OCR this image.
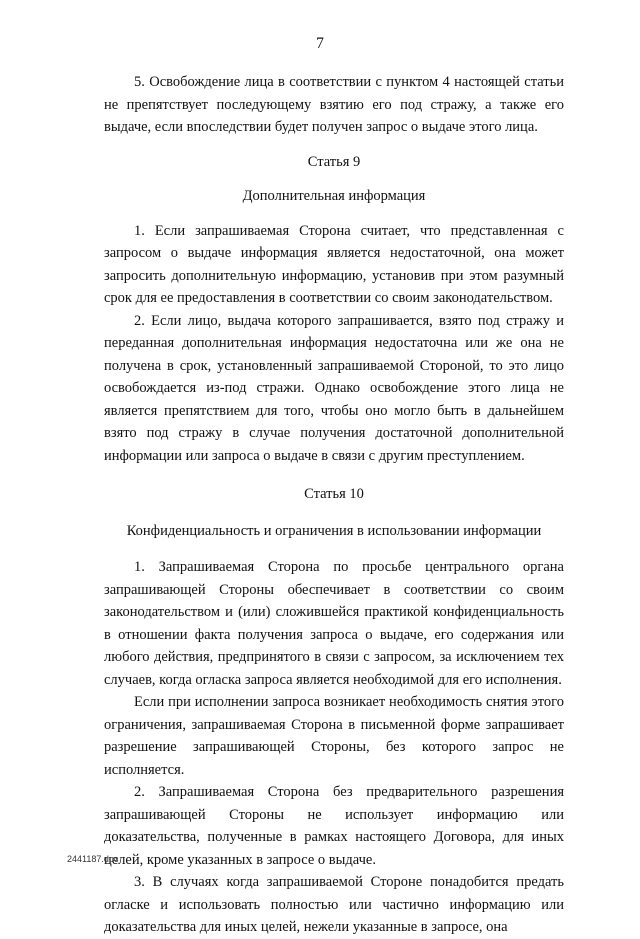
7

5. Освобождение лица в соответствии с пунктом 4 настоящей статьи не препятствует последующему взятию его под стражу, а также его выдаче, если впоследствии будет получен запрос о выдаче этого лица.

Статья 9

Дополнительная информация

1. Если запрашиваемая Сторона считает, что представленная с запросом о выдаче информация является недостаточной, она может запросить дополнительную информацию, установив при этом разумный срок для ее предоставления в соответствии со своим законодательством.

2. Если лицо, выдача которого запрашивается, взято под стражу и переданная дополнительная информация недостаточна или же она не получена в срок, установленный запрашиваемой Стороной, то это лицо освобождается из-под стражи. Однако освобождение этого лица не является препятствием для того, чтобы оно могло быть в дальнейшем взято под стражу в случае получения достаточной дополнительной информации или запроса о выдаче в связи с другим преступлением.

Статья 10

Конфиденциальность и ограничения в использовании информации

1. Запрашиваемая Сторона по просьбе центрального органа запрашивающей Стороны обеспечивает в соответствии со своим законодательством и (или) сложившейся практикой конфиденциальность в отношении факта получения запроса о выдаче, его содержания или любого действия, предпринятого в связи с запросом, за исключением тех случаев, когда огласка запроса является необходимой для его исполнения.

Если при исполнении запроса возникает необходимость снятия этого ограничения, запрашиваемая Сторона в письменной форме запрашивает разрешение запрашивающей Стороны, без которого запрос не исполняется.

2. Запрашиваемая Сторона без предварительного разрешения запрашивающей Стороны не использует информацию или доказательства, полученные в рамках настоящего Договора, для иных целей, кроме указанных в запросе о выдаче.

3. В случаях когда запрашиваемой Стороне понадобится предать огласке и использовать полностью или частично информацию или доказательства для иных целей, нежели указанные в запросе, она

2441187.doc
